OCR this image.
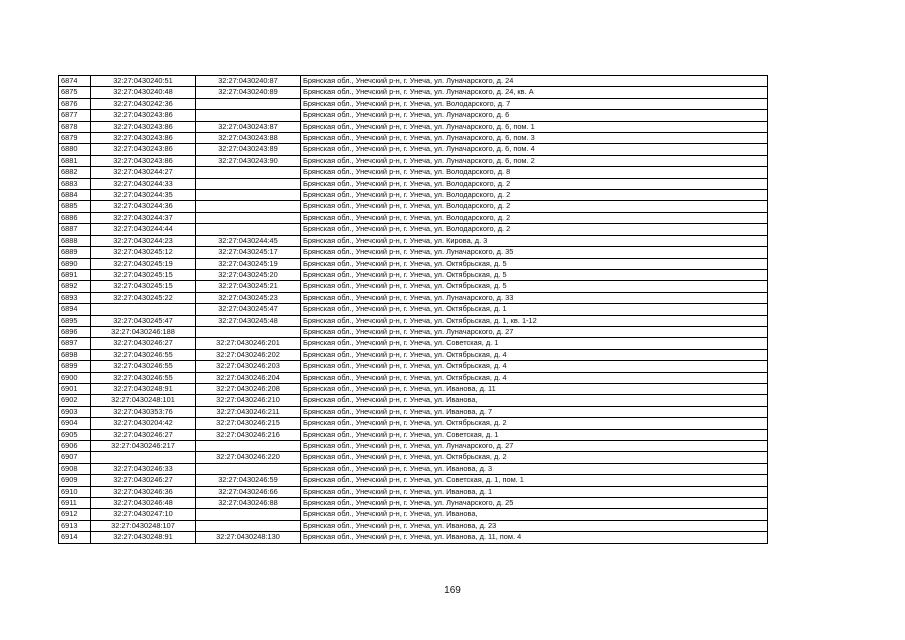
6874	32:27:0430240:51	32:27:0430240:87	Брянская обл., Унечский р-н, г. Унеча, ул. Луначарского, д. 24
6875	32:27:0430240:48	32:27:0430240:89	Брянская обл., Унечский р-н, г. Унеча, ул. Луначарского, д. 24, кв. А
6876	32:27:0430242:36		Брянская обл., Унечский р-н, г. Унеча, ул. Володарского, д. 7
6877	32:27:0430243:86		Брянская обл., Унечский р-н, г. Унеча, ул. Луначарского, д. 6
6878	32:27:0430243:86	32:27:0430243:87	Брянская обл., Унечский р-н, г. Унеча, ул. Луначарского, д. 6, пом. 1
6879	32:27:0430243:86	32:27:0430243:88	Брянская обл., Унечский р-н, г. Унеча, ул. Луначарского, д. 6, пом. 3
6880	32:27:0430243:86	32:27:0430243:89	Брянская обл., Унечский р-н, г. Унеча, ул. Луначарского, д. 6, пом. 4
6881	32:27:0430243:86	32:27:0430243:90	Брянская обл., Унечский р-н, г. Унеча, ул. Луначарского, д. 6, пом. 2
6882	32:27:0430244:27		Брянская обл., Унечский р-н, г. Унеча, ул. Володарского, д. 8
6883	32:27:0430244:33		Брянская обл., Унечский р-н, г. Унеча, ул. Володарского, д. 2
6884	32:27:0430244:35		Брянская обл., Унечский р-н, г. Унеча, ул. Володарского, д. 2
6885	32:27:0430244:36		Брянская обл., Унечский р-н, г. Унеча, ул. Володарского, д. 2
6886	32:27:0430244:37		Брянская обл., Унечский р-н, г. Унеча, ул. Володарского, д. 2
6887	32:27:0430244:44		Брянская обл., Унечский р-н, г. Унеча, ул. Володарского, д. 2
6888	32:27:0430244:23	32:27:0430244:45	Брянская обл., Унечский р-н, г. Унеча, ул. Кирова, д. 3
6889	32:27:0430245:12	32:27:0430245:17	Брянская обл., Унечский р-н, г. Унеча, ул. Луначарского, д. 35
6890	32:27:0430245:19	32:27:0430245:19	Брянская обл., Унечский р-н, г. Унеча, ул. Октябрьская, д. 5
6891	32:27:0430245:15	32:27:0430245:20	Брянская обл., Унечский р-н, г. Унеча, ул. Октябрьская, д. 5
6892	32:27:0430245:15	32:27:0430245:21	Брянская обл., Унечский р-н, г. Унеча, ул. Октябрьская, д. 5
6893	32:27:0430245:22	32:27:0430245:23	Брянская обл., Унечский р-н, г. Унеча, ул. Луначарского, д. 33
6894		32:27:0430245:47	Брянская обл., Унечский р-н, г. Унеча, ул. Октябрьская, д. 1
6895	32:27:0430245:47	32:27:0430245:48	Брянская обл., Унечский р-н, г. Унеча, ул. Октябрьская, д. 1, кв. 1-12
6896	32:27:0430246:188		Брянская обл., Унечский р-н, г. Унеча, ул. Луначарского, д. 27
6897	32:27:0430246:27	32:27:0430246:201	Брянская обл., Унечский р-н, г. Унеча, ул. Советская, д. 1
6898	32:27:0430246:55	32:27:0430246:202	Брянская обл., Унечский р-н, г. Унеча, ул. Октябрьская, д. 4
6899	32:27:0430246:55	32:27:0430246:203	Брянская обл., Унечский р-н, г. Унеча, ул. Октябрьская, д. 4
6900	32:27:0430246:55	32:27:0430246:204	Брянская обл., Унечский р-н, г. Унеча, ул. Октябрьская, д. 4
6901	32:27:0430248:91	32:27:0430246:208	Брянская обл., Унечский р-н, г. Унеча, ул. Иванова, д. 11
6902	32:27:0430248:101	32:27:0430246:210	Брянская обл., Унечский р-н, г. Унеча, ул. Иванова,
6903	32:27:0430353:76	32:27:0430246:211	Брянская обл., Унечский р-н, г. Унеча, ул. Иванова, д. 7
6904	32:27:0430204:42	32:27:0430246:215	Брянская обл., Унечский р-н, г. Унеча, ул. Октябрьская, д. 2
6905	32:27:0430246:27	32:27:0430246:216	Брянская обл., Унечский р-н, г. Унеча, ул. Советская, д. 1
6906	32:27:0430246:217		Брянская обл., Унечский р-н, г. Унеча, ул. Луначарского, д. 27
6907		32:27:0430246:220	Брянская обл., Унечский р-н, г. Унеча, ул. Октябрьская, д. 2
6908	32:27:0430246:33		Брянская обл., Унечский р-н, г. Унеча, ул. Иванова, д. 3
6909	32:27:0430246:27	32:27:0430246:59	Брянская обл., Унечский р-н, г. Унеча, ул. Советская, д. 1, пом. 1
6910	32:27:0430246:36	32:27:0430246:66	Брянская обл., Унечский р-н, г. Унеча, ул. Иванова, д. 1
6911	32:27:0430246:48	32:27:0430246:88	Брянская обл., Унечский р-н, г. Унеча, ул. Луначарского, д. 25
6912	32:27:0430247:10		Брянская обл., Унечский р-н, г. Унеча, ул. Иванова,
6913	32:27:0430248:107		Брянская обл., Унечский р-н, г. Унеча, ул. Иванова, д. 23
6914	32:27:0430248:91	32:27:0430248:130	Брянская обл., Унечский р-н, г. Унеча, ул. Иванова, д. 11, пом. 4
169
